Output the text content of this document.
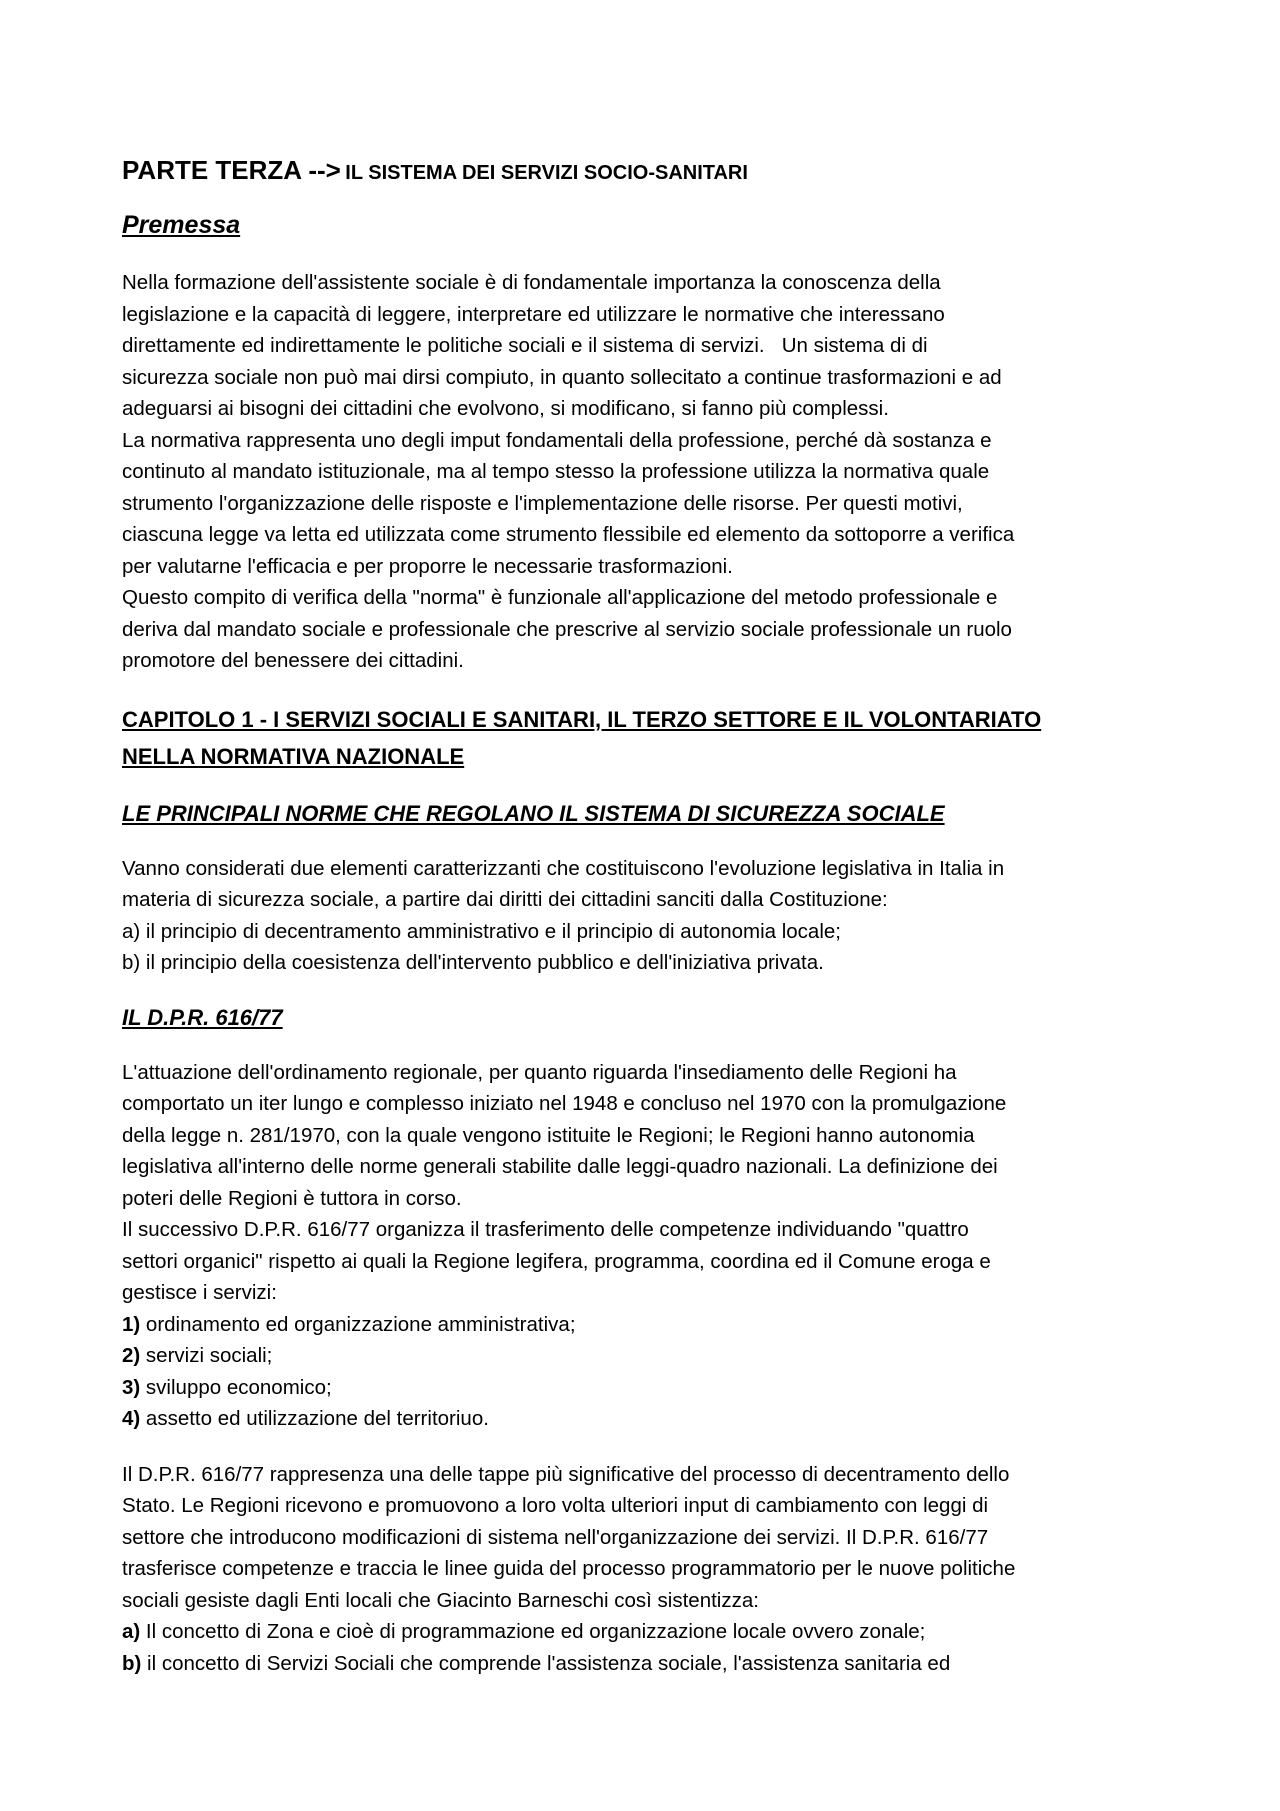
PARTE TERZA --> IL SISTEMA DEI SERVIZI SOCIO-SANITARI
Premessa
Nella formazione dell'assistente sociale è di fondamentale importanza la conoscenza della
legislazione e la capacità di leggere, interpretare ed utilizzare le normative che interessano
direttamente ed indirettamente le politiche sociali e il sistema di servizi.   Un sistema di di
sicurezza sociale non può mai dirsi compiuto, in quanto sollecitato a continue trasformazioni e ad
adeguarsi ai bisogni dei cittadini che evolvono, si modificano, si fanno più complessi.
La normativa rappresenta uno degli imput fondamentali della professione, perché dà sostanza e
continuto al mandato istituzionale, ma al tempo stesso la professione utilizza la normativa quale
strumento l'organizzazione delle risposte e l'implementazione delle risorse. Per questi motivi,
ciascuna legge va letta ed utilizzata come strumento flessibile ed elemento da sottoporre a verifica
per valutarne l'efficacia e per proporre le necessarie trasformazioni.
Questo compito di verifica della "norma" è funzionale all'applicazione del metodo professionale e
deriva dal mandato sociale e professionale che prescrive al servizio sociale professionale un ruolo
promotore del benessere dei cittadini.
CAPITOLO 1 - I SERVIZI SOCIALI E SANITARI, IL TERZO SETTORE E IL VOLONTARIATO
NELLA NORMATIVA NAZIONALE
LE PRINCIPALI NORME CHE REGOLANO IL SISTEMA DI SICUREZZA SOCIALE
Vanno considerati due elementi caratterizzanti che costituiscono l'evoluzione legislativa in Italia in
materia di sicurezza sociale, a partire dai diritti dei cittadini sanciti dalla Costituzione:
a) il principio di decentramento amministrativo e il principio di autonomia locale;
b) il principio della coesistenza dell'intervento pubblico e dell'iniziativa privata.
IL D.P.R. 616/77
L'attuazione dell'ordinamento regionale, per quanto riguarda l'insediamento delle Regioni ha
comportato un iter lungo e complesso iniziato nel 1948 e concluso nel 1970 con la promulgazione
della legge n. 281/1970, con la quale vengono istituite le Regioni; le Regioni hanno autonomia
legislativa all'interno delle norme generali stabilite dalle leggi-quadro nazionali. La definizione dei
poteri delle Regioni è tuttora in corso.
Il successivo D.P.R. 616/77 organizza il trasferimento delle competenze individuando "quattro
settori organici" rispetto ai quali la Regione legifera, programma, coordina ed il Comune eroga e
gestisce i servizi:
1) ordinamento ed organizzazione amministrativa;
2) servizi sociali;
3) sviluppo economico;
4) assetto ed utilizzazione del territoriuo.
Il D.P.R. 616/77 rappresenza una delle tappe più significative del processo di decentramento dello
Stato. Le Regioni ricevono e promuovono a loro volta ulteriori input di cambiamento con leggi di
settore che introducono modificazioni di sistema nell'organizzazione dei servizi. Il D.P.R. 616/77
trasferisce competenze e traccia le linee guida del processo programmatorio per le nuove politiche
sociali gesiste dagli Enti locali che Giacinto Barneschi così sistentizza:
a) Il concetto di Zona e cioè di programmazione ed organizzazione locale ovvero zonale;
b) il concetto di Servizi Sociali che comprende l'assistenza sociale, l'assistenza sanitaria ed
